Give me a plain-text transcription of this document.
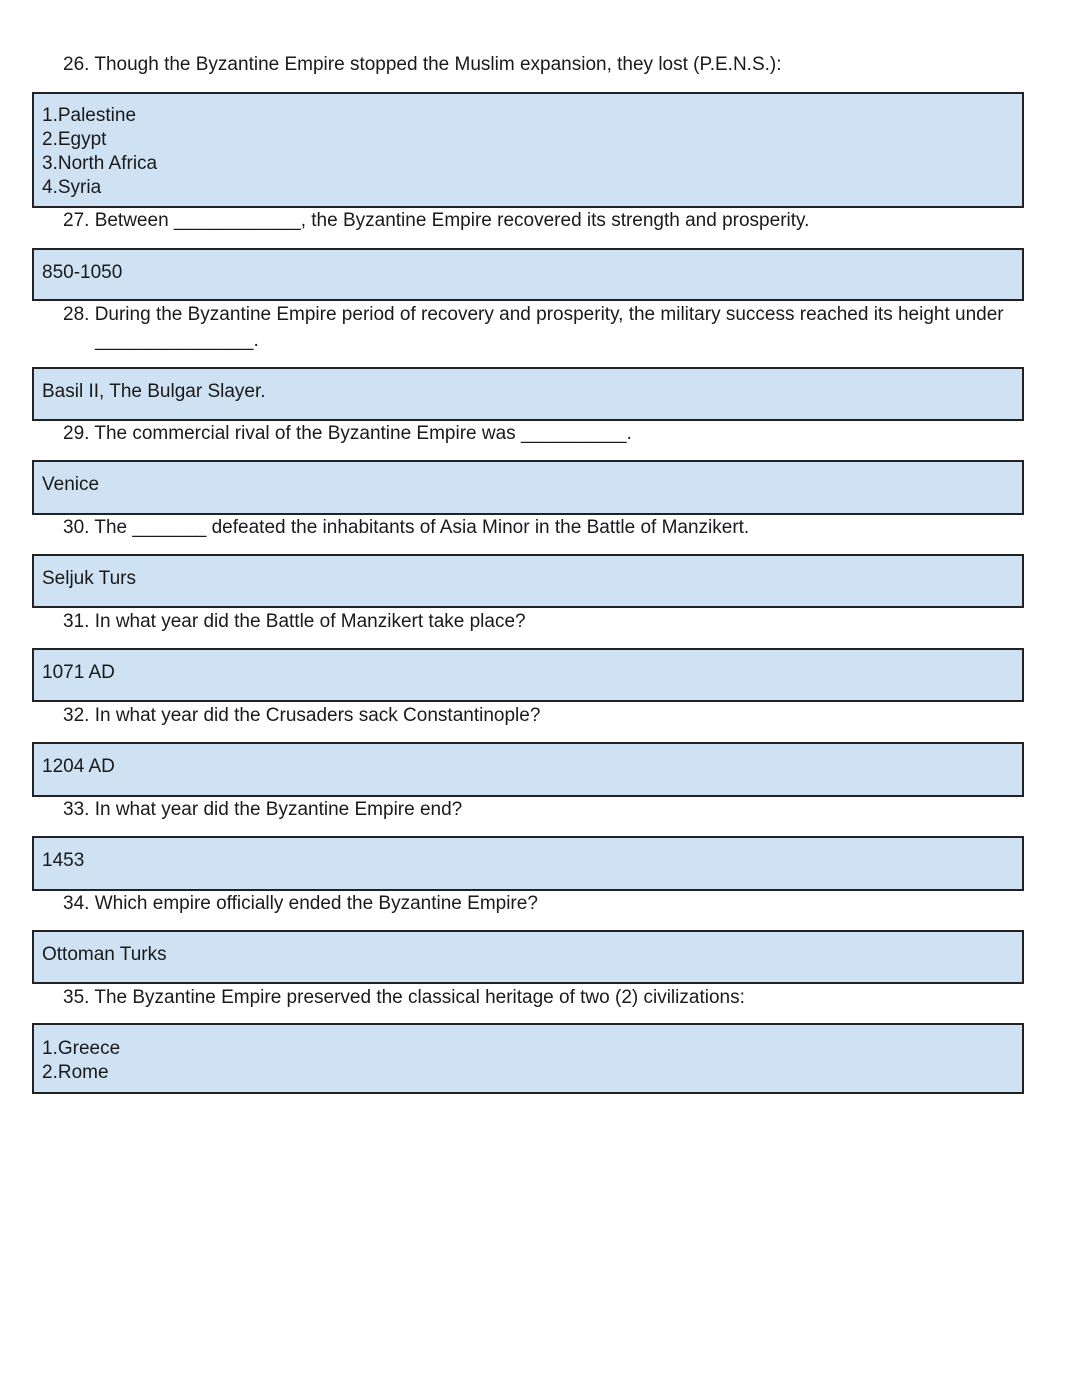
26. Though the Byzantine Empire stopped the Muslim expansion, they lost (P.E.N.S.):
1.Palestine
2.Egypt
3.North Africa
4.Syria
27. Between ____________, the Byzantine Empire recovered its strength and prosperity.
850-1050
28. During the Byzantine Empire period of recovery and prosperity, the military success reached its height under
_______________.
Basil II, The Bulgar Slayer.
29. The commercial rival of the Byzantine Empire was __________.
Venice
30. The _______ defeated the inhabitants of Asia Minor in the Battle of Manzikert.
Seljuk Turs
31. In what year did the Battle of Manzikert take place?
1071 AD
32. In what year did the Crusaders sack Constantinople?
1204 AD
33. In what year did the Byzantine Empire end?
1453
34. Which empire officially ended the Byzantine Empire?
Ottoman Turks
35. The Byzantine Empire preserved the classical heritage of two (2) civilizations:
1.Greece
2.Rome
